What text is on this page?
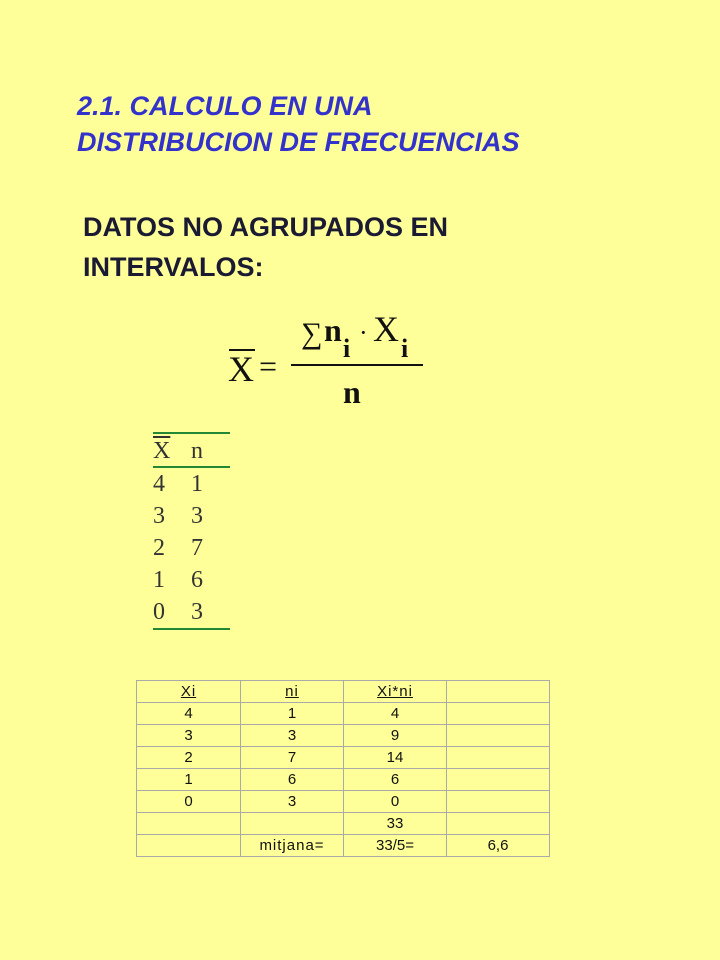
2.1. CALCULO EN UNA
DISTRIBUCION DE FRECUENCIAS
DATOS NO AGRUPADOS EN
INTERVALOS:
X =
∑ n
i
· X i
n
$\overline{X}$ n
4	1
3	3
2	7
1	6
0	3
Xi	ni	Xi*ni	
4	1	4	
3	3	9	
2	7	14	
1	6	6	
0	3	0	
		33	
	mitjana=	33/5=	6,6
